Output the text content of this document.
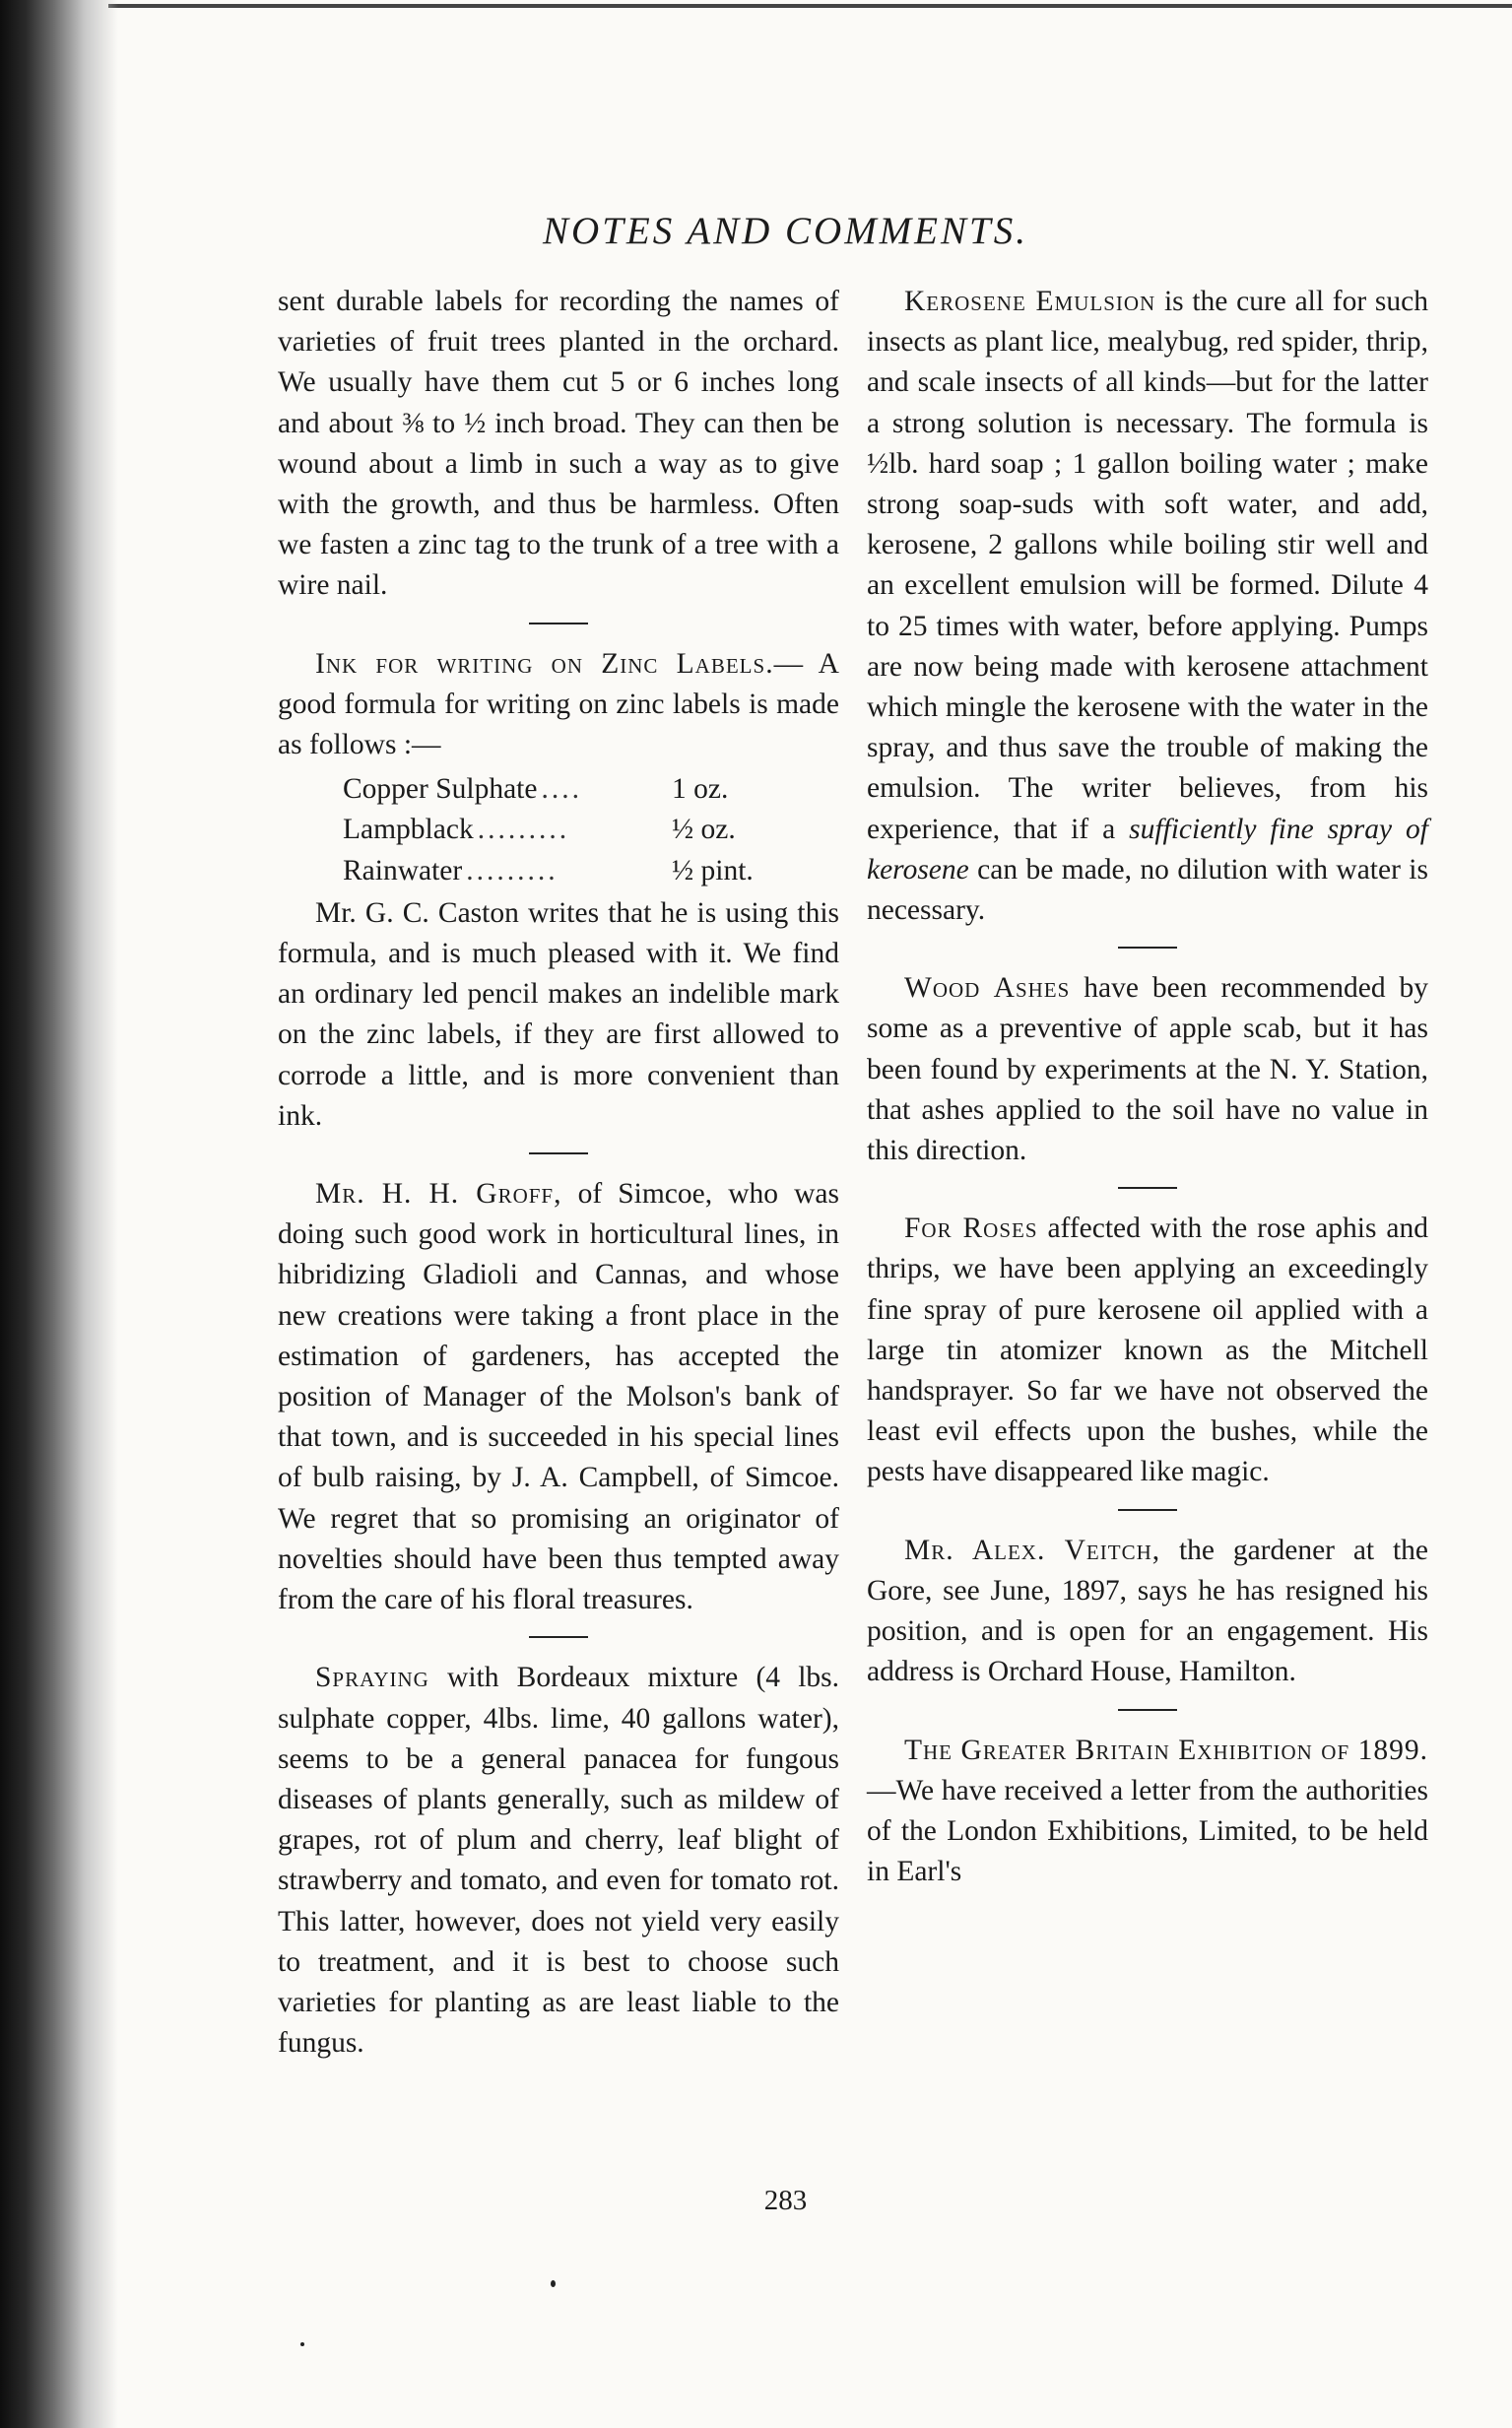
NOTES AND COMMENTS.

sent durable labels for recording the names of varieties of fruit trees planted in the orchard. We usually have them cut 5 or 6 inches long and about ⅜ to ½ inch broad. They can then be wound about a limb in such a way as to give with the growth, and thus be harmless. Often we fasten a zinc tag to the trunk of a tree with a wire nail.

Ink for writing on Zinc Labels.— A good formula for writing on zinc labels is made as follows :—

Copper Sulphate ....	1 oz.
Lampblack .........	½ oz.
Rainwater .........	½ pint.

Mr. G. C. Caston writes that he is using this formula, and is much pleased with it. We find an ordinary led pencil makes an indelible mark on the zinc labels, if they are first allowed to corrode a little, and is more convenient than ink.

Mr. H. H. Groff, of Simcoe, who was doing such good work in horticultural lines, in hibridizing Gladioli and Cannas, and whose new creations were taking a front place in the estimation of gardeners, has accepted the position of Manager of the Molson's bank of that town, and is succeeded in his special lines of bulb raising, by J. A. Campbell, of Simcoe. We regret that so promising an originator of novelties should have been thus tempted away from the care of his floral treasures.

Spraying with Bordeaux mixture (4 lbs. sulphate copper, 4lbs. lime, 40 gallons water), seems to be a general panacea for fungous diseases of plants generally, such as mildew of grapes, rot of plum and cherry, leaf blight of strawberry and tomato, and even for tomato rot. This latter, however, does not yield very easily to treatment, and it is best to choose such varieties for planting as are least liable to the fungus.

Kerosene Emulsion is the cure all for such insects as plant lice, mealybug, red spider, thrip, and scale insects of all kinds—but for the latter a strong solution is necessary. The formula is ½lb. hard soap ; 1 gallon boiling water ; make strong soap-suds with soft water, and add, kerosene, 2 gallons while boiling stir well and an excellent emulsion will be formed. Dilute 4 to 25 times with water, before applying. Pumps are now being made with kerosene attachment which mingle the kerosene with the water in the spray, and thus save the trouble of making the emulsion. The writer believes, from his experience, that if a sufficiently fine spray of kerosene can be made, no dilution with water is necessary.

Wood Ashes have been recommended by some as a preventive of apple scab, but it has been found by experiments at the N. Y. Station, that ashes applied to the soil have no value in this direction.

For Roses affected with the rose aphis and thrips, we have been applying an exceedingly fine spray of pure kerosene oil applied with a large tin atomizer known as the Mitchell handsprayer. So far we have not observed the least evil effects upon the bushes, while the pests have disappeared like magic.

Mr. Alex. Veitch, the gardener at the Gore, see June, 1897, says he has resigned his position, and is open for an engagement. His address is Orchard House, Hamilton.

The Greater Britain Exhibition of 1899.—We have received a letter from the authorities of the London Exhibitions, Limited, to be held in Earl's

283
